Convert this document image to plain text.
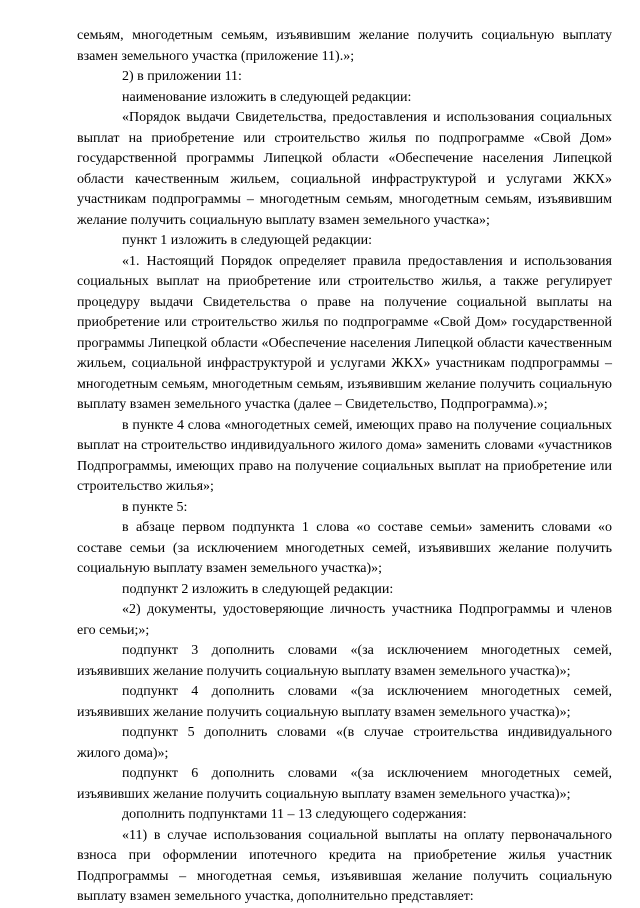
семьям, многодетным семьям, изъявившим желание получить социальную выплату взамен земельного участка (приложение 11).»;

2) в приложении 11:

наименование изложить в следующей редакции:

«Порядок выдачи Свидетельства, предоставления и использования социальных выплат на приобретение или строительство жилья по подпрограмме «Свой Дом» государственной программы Липецкой области «Обеспечение населения Липецкой области качественным жильем, социальной инфраструктурой и услугами ЖКХ» участникам подпрограммы – многодетным семьям, многодетным семьям, изъявившим желание получить социальную выплату взамен земельного участка»;

пункт 1 изложить в следующей редакции:

«1. Настоящий Порядок определяет правила предоставления и использования социальных выплат на приобретение или строительство жилья, а также регулирует процедуру выдачи Свидетельства о праве на получение социальной выплаты на приобретение или строительство жилья по подпрограмме «Свой Дом» государственной программы Липецкой области «Обеспечение населения Липецкой области качественным жильем, социальной инфраструктурой и услугами ЖКХ» участникам подпрограммы – многодетным семьям, многодетным семьям, изъявившим желание получить социальную выплату взамен земельного участка (далее – Свидетельство, Подпрограмма).»;

в пункте 4 слова «многодетных семей, имеющих право на получение социальных выплат на строительство индивидуального жилого дома» заменить словами «участников Подпрограммы, имеющих право на получение социальных выплат на приобретение или строительство жилья»;

в пункте 5:

в абзаце первом подпункта 1 слова «о составе семьи» заменить словами «о составе семьи (за исключением многодетных семей, изъявивших желание получить социальную выплату взамен земельного участка)»;

подпункт 2 изложить в следующей редакции:

«2) документы, удостоверяющие личность участника Подпрограммы и членов его семьи;»;

подпункт 3 дополнить словами «(за исключением многодетных семей, изъявивших желание получить социальную выплату взамен земельного участка)»;

подпункт 4 дополнить словами «(за исключением многодетных семей, изъявивших желание получить социальную выплату взамен земельного участка)»;

подпункт 5 дополнить словами «(в случае строительства индивидуального жилого дома)»;

подпункт 6 дополнить словами «(за исключением многодетных семей, изъявивших желание получить социальную выплату взамен земельного участка)»;

дополнить подпунктами 11 – 13 следующего содержания:

«11) в случае использования социальной выплаты на оплату первоначального взноса при оформлении ипотечного кредита на приобретение жилья участник Подпрограммы – многодетная семья, изъявившая желание получить социальную выплату взамен земельного участка, дополнительно представляет:
